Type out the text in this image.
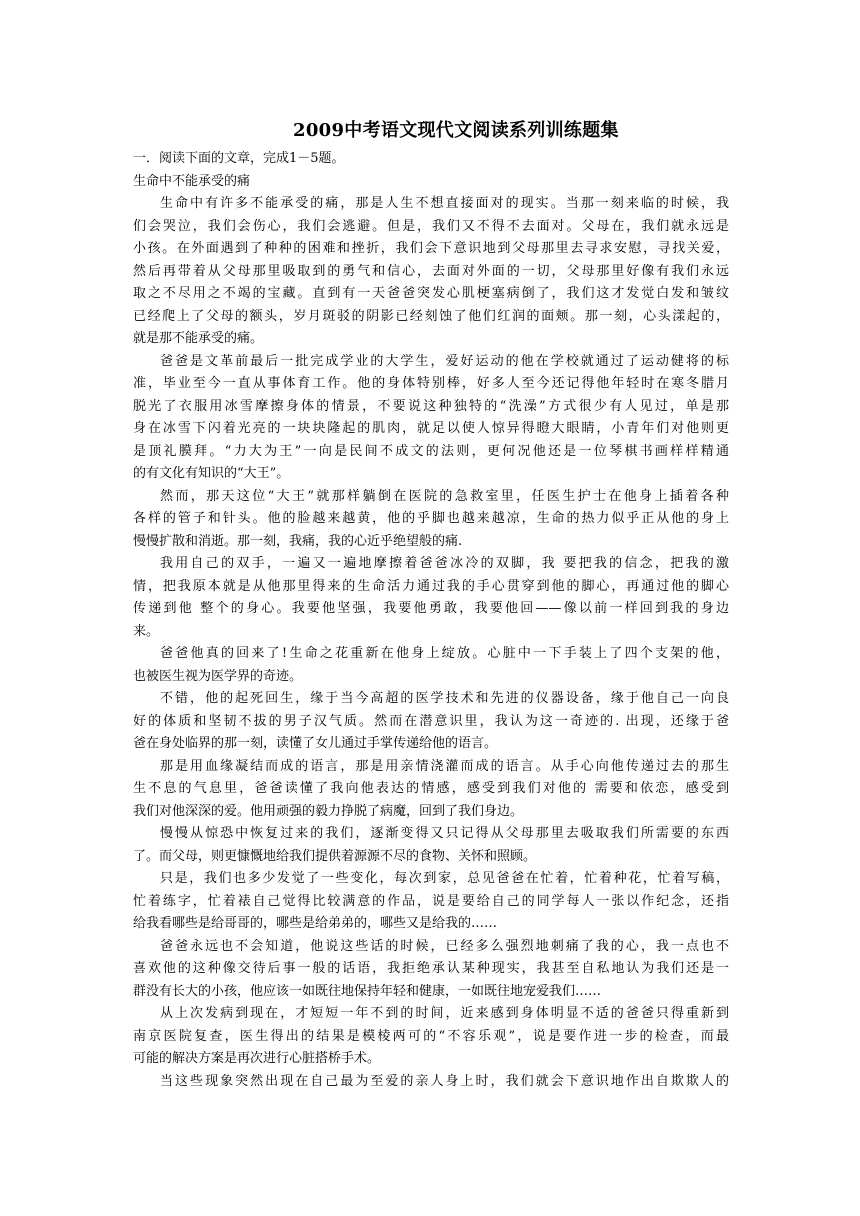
2009中考语文现代文阅读系列训练题集
一．阅读下面的文章，完成1－5题。
生命中不能承受的痛
生命中有许多不能承受的痛，那是人生不想直接面对的现实。当那一刻来临的时候，我
们会哭泣，我们会伤心，我们会逃避。但是，我们又不得不去面对。父母在，我们就永远是
小孩。在外面遇到了种种的困难和挫折，我们会下意识地到父母那里去寻求安慰，寻找关爱，
然后再带着从父母那里吸取到的勇气和信心，去面对外面的一切，父母那里好像有我们永远
取之不尽用之不竭的宝藏。直到有一天爸爸突发心肌梗塞病倒了，我们这才发觉白发和皱纹
已经爬上了父母的额头，岁月斑驳的阴影已经刻蚀了他们红润的面颊。那一刻，心头漾起的，
就是那不能承受的痛。
爸爸是文革前最后一批完成学业的大学生，爱好运动的他在学校就通过了运动健将的标
准，毕业至今一直从事体育工作。他的身体特别棒，好多人至今还记得他年轻时在寒冬腊月
脱光了衣服用冰雪摩擦身体的情景，不要说这种独特的“洗澡”方式很少有人见过，单是那
身在冰雪下闪着光亮的一块块隆起的肌肉，就足以使人惊异得瞪大眼睛，小青年们对他则更
是顶礼膜拜。“力大为王”一向是民间不成文的法则，更何况他还是一位琴棋书画样样精通
的有文化有知识的“大王”。
然而，那天这位“大王”就那样躺倒在医院的急救室里，任医生护士在他身上插着各种
各样的管子和针头。他的脸越来越黄，他的乎脚也越来越凉，生命的热力似乎正从他的身上
慢慢扩散和消逝。那一刻，我痛，我的心近乎绝望般的痛.
我用自己的双手，一遍又一遍地摩擦着爸爸冰冷的双脚，我 要把我的信念，把我的激
情，把我原本就是从他那里得来的生命活力通过我的手心贯穿到他的脚心，再通过他的脚心
传递到他 整个的身心。我要他坚强，我要他勇敢，我要他回——像以前一样回到我的身边
来。
爸爸他真的回来了!生命之花重新在他身上绽放。心脏中一下手装上了四个支架的他，
也被医生视为医学界的奇迹。
不错，他的起死回生，缘于当今高超的医学技术和先进的仪器设备，缘于他自己一向良
好的体质和坚韧不拔的男子汉气质。然而在潜意识里，我认为这一奇迹的. 出现，还缘于爸
爸在身处临界的那一刻，读懂了女儿通过手掌传递给他的语言。
那是用血缘凝结而成的语言，那是用亲情浇灌而成的语言。从手心向他传递过去的那生
生不息的气息里，爸爸读懂了我向他表达的情感，感受到我们对他的 需要和依恋，感受到
我们对他深深的爱。他用顽强的毅力挣脱了病魔，回到了我们身边。
慢慢从惊恐中恢复过来的我们，逐渐变得又只记得从父母那里去吸取我们所需要的东西
了。而父母，则更慷慨地给我们提供着源源不尽的食物、关怀和照顾。
只是，我们也多少发觉了一些变化，每次到家，总见爸爸在忙着，忙着种花，忙着写稿，
忙着练字，忙着裱自己觉得比较满意的作品，说是要给自己的同学每人一张以作纪念，还指
给我看哪些是给哥哥的，哪些是给弟弟的，哪些又是给我的……
爸爸永远也不会知道，他说这些话的时候，已经多么强烈地刺痛了我的心，我一点也不
喜欢他的这种像交待后事一般的话语，我拒绝承认某种现实，我甚至自私地认为我们还是一
群没有长大的小孩，他应该一如既往地保持年轻和健康，一如既往地宠爱我们……
从上次发病到现在，才短短一年不到的时间，近来感到身体明显不适的爸爸只得重新到
南京医院复查，医生得出的结果是模棱两可的“不容乐观”，说是要作进一步的检查，而最
可能的解决方案是再次进行心脏搭桥手术。
当这些现象突然出现在自己最为至爱的亲人身上时，我们就会下意识地作出自欺欺人的
